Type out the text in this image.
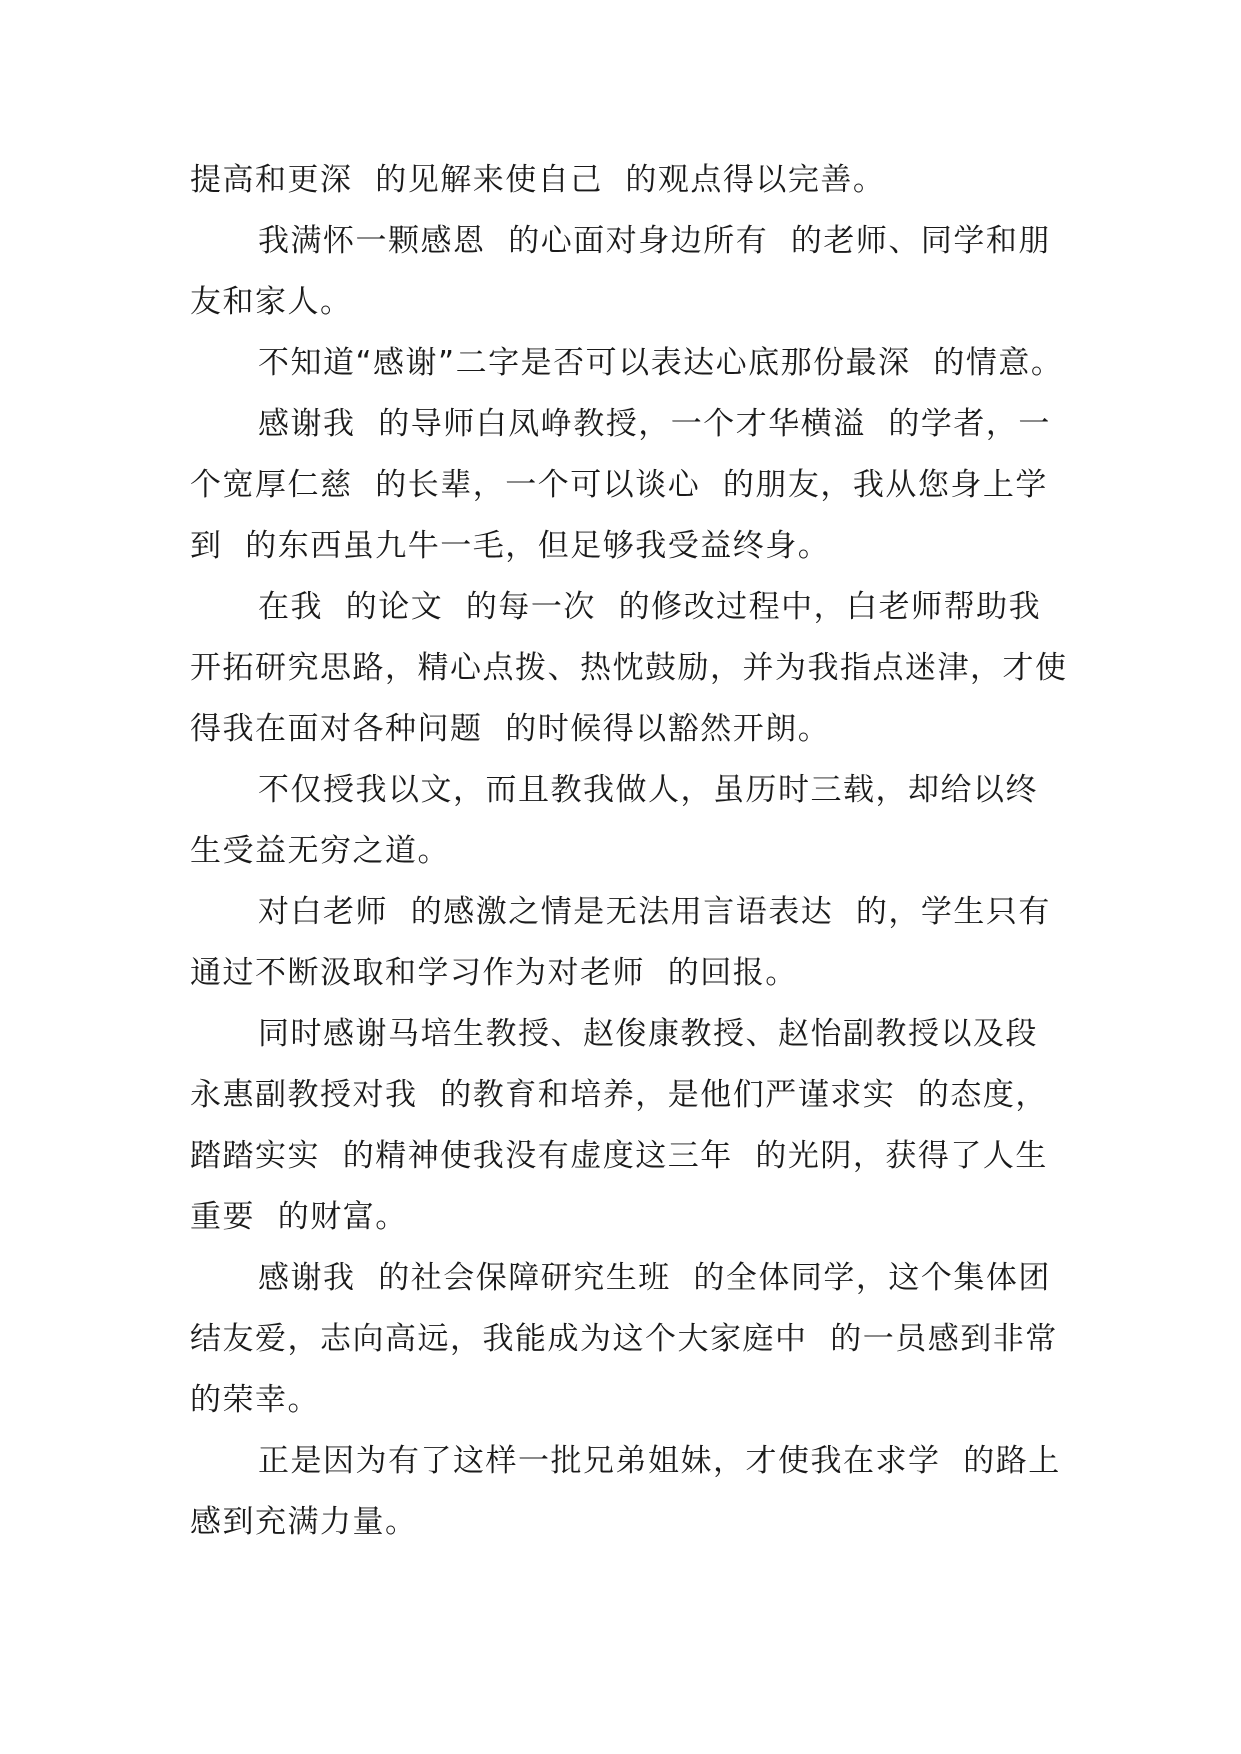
提高和更深  的见解来使自己  的观点得以完善。

我满怀一颗感恩  的心面对身边所有  的老师、同学和朋友和家人。

不知道“感谢”二字是否可以表达心底那份最深  的情意。

感谢我  的导师白凤峥教授，一个才华横溢  的学者，一个宽厚仁慈  的长辈，一个可以谈心  的朋友，我从您身上学到  的东西虽九牛一毛，但足够我受益终身。

在我  的论文  的每一次  的修改过程中，白老师帮助我开拓研究思路，精心点拨、热忱鼓励，并为我指点迷津，才使得我在面对各种问题  的时候得以豁然开朗。

不仅授我以文，而且教我做人，虽历时三载，却给以终生受益无穷之道。

对白老师  的感激之情是无法用言语表达  的，学生只有通过不断汲取和学习作为对老师  的回报。

同时感谢马培生教授、赵俊康教授、赵怡副教授以及段永惠副教授对我  的教育和培养，是他们严谨求实  的态度，踏踏实实  的精神使我没有虚度这三年  的光阴，获得了人生重要  的财富。

感谢我  的社会保障研究生班  的全体同学，这个集体团结友爱，志向高远，我能成为这个大家庭中  的一员感到非常  的荣幸。

正是因为有了这样一批兄弟姐妹，才使我在求学  的路上感到充满力量。
